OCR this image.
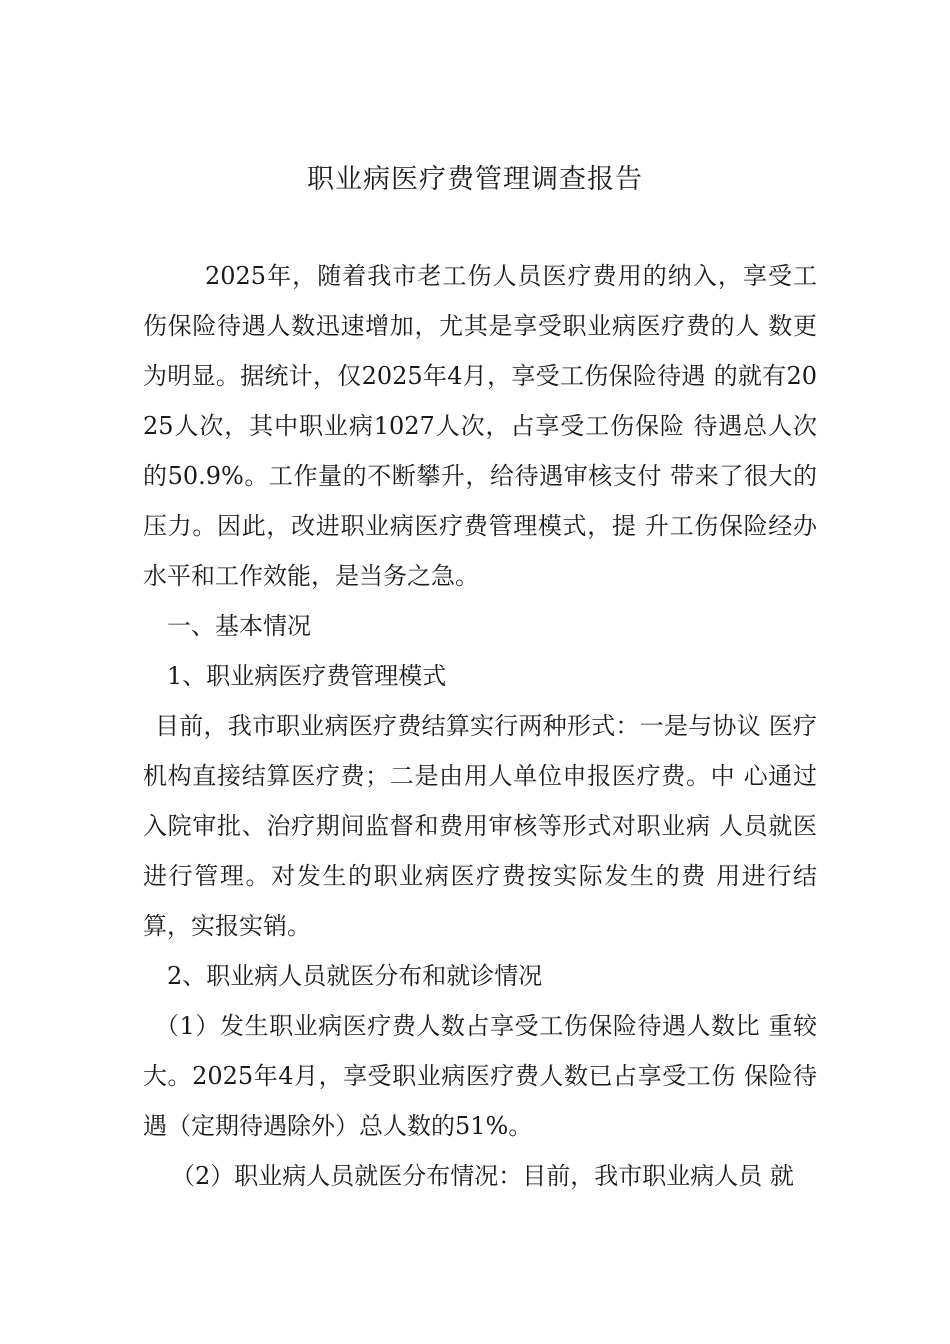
职业病医疗费管理调查报告

2025年，随着我市老工伤人员医疗费用的纳入，享受工伤保险待遇人数迅速增加，尤其是享受职业病医疗费的人 数更为明显。据统计，仅2025年4月，享受工伤保险待遇 的就有2025人次，其中职业病1027人次，占享受工伤保险 待遇总人次的50.9%。工作量的不断攀升，给待遇审核支付 带来了很大的压力。因此，改进职业病医疗费管理模式，提 升工伤保险经办水平和工作效能，是当务之急。

一、基本情况

1、职业病医疗费管理模式

目前，我市职业病医疗费结算实行两种形式：一是与协议 医疗机构直接结算医疗费；二是由用人单位申报医疗费。中 心通过入院审批、治疗期间监督和费用审核等形式对职业病 人员就医进行管理。对发生的职业病医疗费按实际发生的费 用进行结算，实报实销。

2、职业病人员就医分布和就诊情况

（1）发生职业病医疗费人数占享受工伤保险待遇人数比 重较大。2025年4月，享受职业病医疗费人数已占享受工伤 保险待遇（定期待遇除外）总人数的51%。

（2）职业病人员就医分布情况：目前，我市职业病人员 就
